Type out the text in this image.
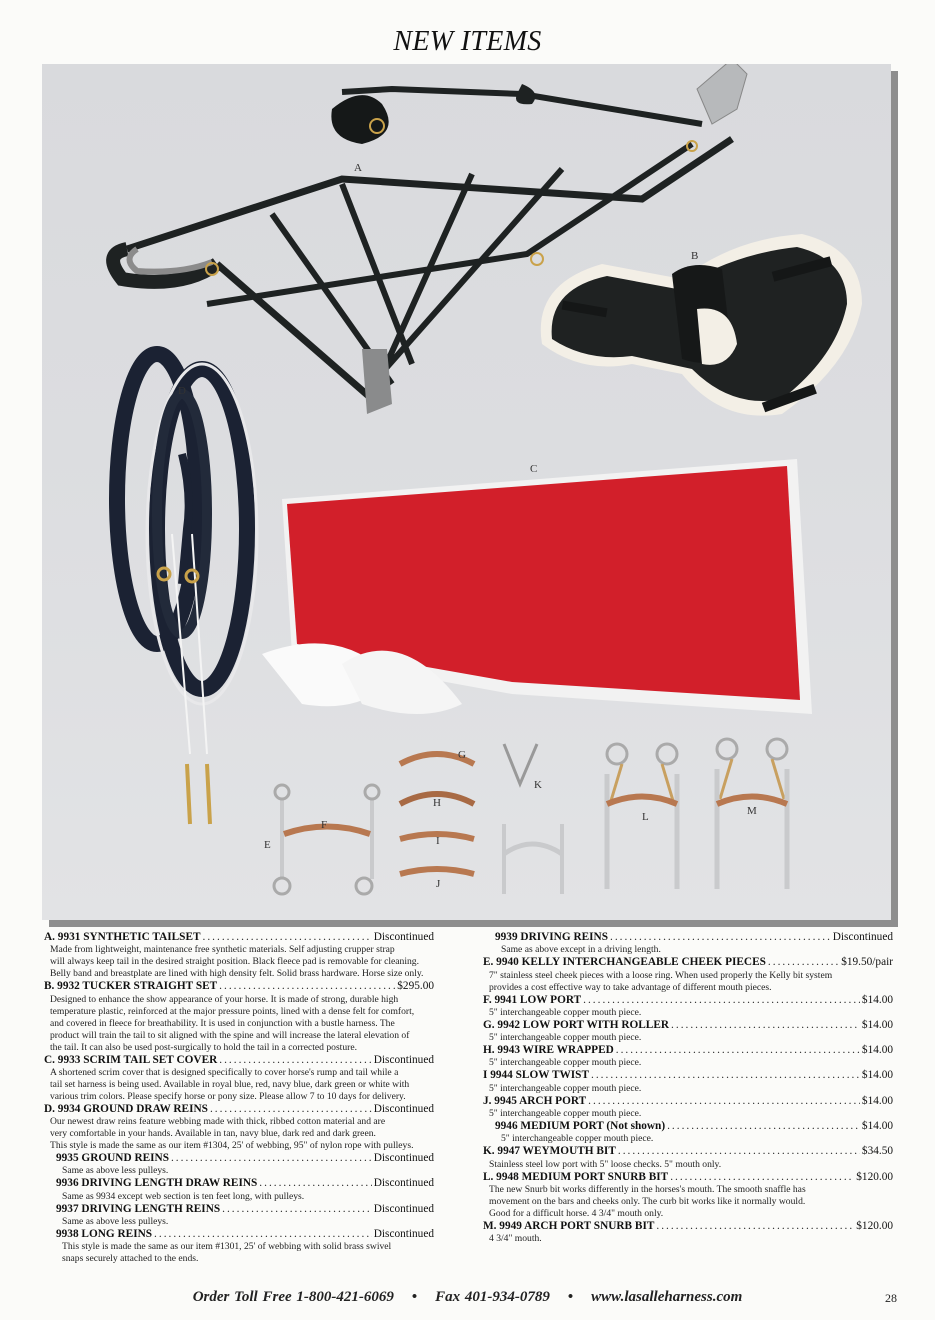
NEW ITEMS
A
B
C
D
E
F
G
H
I
J
K
L	M
A. 9931 SYNTHETIC TAILSET .....	Discontinued
Made from lightweight, maintenance free synthetic materials. Self adjusting crupper strap
will always keep tail in the desired straight position. Black fleece pad is removable for cleaning.
Belly band and breastplate are lined with high density felt. Solid brass hardware. Horse size only.
B. 9932 TUCKER STRAIGHT SET .....	$295.00
Designed to enhance the show appearance of your horse. It is made of strong, durable high
temperature plastic, reinforced at the major pressure points, lined with a dense felt for comfort,
and covered in fleece for breathability. It is used in conjunction with a bustle harness. The
product will train the tail to sit aligned with the spine and will increase the lateral elevation of
the tail. It can also be used post-surgically to hold the tail in a corrected posture.
C. 9933 SCRIM TAIL SET COVER .....	Discontinued
A shortened scrim cover that is designed specifically to cover horse's rump and tail while a
tail set harness is being used. Available in royal blue, red, navy blue, dark green or white with
various trim colors. Please specify horse or pony size. Please allow 7 to 10 days for delivery.
D. 9934 GROUND DRAW REINS .....	Discontinued
Our newest draw reins feature webbing made with thick, ribbed cotton material and are
very comfortable in your hands. Available in tan, navy blue, dark red and dark green.
This style is made the same as our item #1304, 25' of webbing, 95" of nylon rope with pulleys.
9935 GROUND REINS .....	Discontinued
Same as above less pulleys.
9936 DRIVING LENGTH DRAW REINS .....	Discontinued
Same as 9934 except web section is ten feet long, with pulleys.
9937 DRIVING LENGTH REINS .....	Discontinued
Same as above less pulleys.
9938 LONG REINS .....	Discontinued
This style is made the same as our item #1301, 25' of webbing with solid brass swivel
snaps securely attached to the ends.
9939 DRIVING REINS .....	Discontinued
Same as above except in a driving length.
E. 9940 KELLY INTERCHANGEABLE CHEEK PIECES .....	$19.50/pair
7" stainless steel cheek pieces with a loose ring. When used properly the Kelly bit system
provides a cost effective way to take advantage of different mouth pieces.
F. 9941 LOW PORT .....	$14.00
5" interchangeable copper mouth piece.
G. 9942 LOW PORT WITH ROLLER .....	$14.00
5" interchangeable copper mouth piece.
H. 9943 WIRE WRAPPED .....	$14.00
5" interchangeable copper mouth piece.
I 9944 SLOW TWIST .....	$14.00
5" interchangeable copper mouth piece.
J. 9945 ARCH PORT .....	$14.00
5" interchangeable copper mouth piece.
9946 MEDIUM PORT (Not shown) .....	$14.00
5" interchangeable copper mouth piece.
K. 9947 WEYMOUTH BIT .....	$34.50
Stainless steel low port with 5" loose checks. 5" mouth only.
L. 9948 MEDIUM PORT SNURB BIT .....	$120.00
The new Snurb bit works differently in the horses's mouth. The smooth snaffle has
movement on the bars and cheeks only. The curb bit works like it normally would.
Good for a difficult horse. 4 3/4" mouth only.
M. 9949 ARCH PORT SNURB BIT .....	$120.00
4 3/4" mouth.
Order Toll Free 1-800-421-6069 • Fax 401-934-0789 • www.lasalleharness.com	28
